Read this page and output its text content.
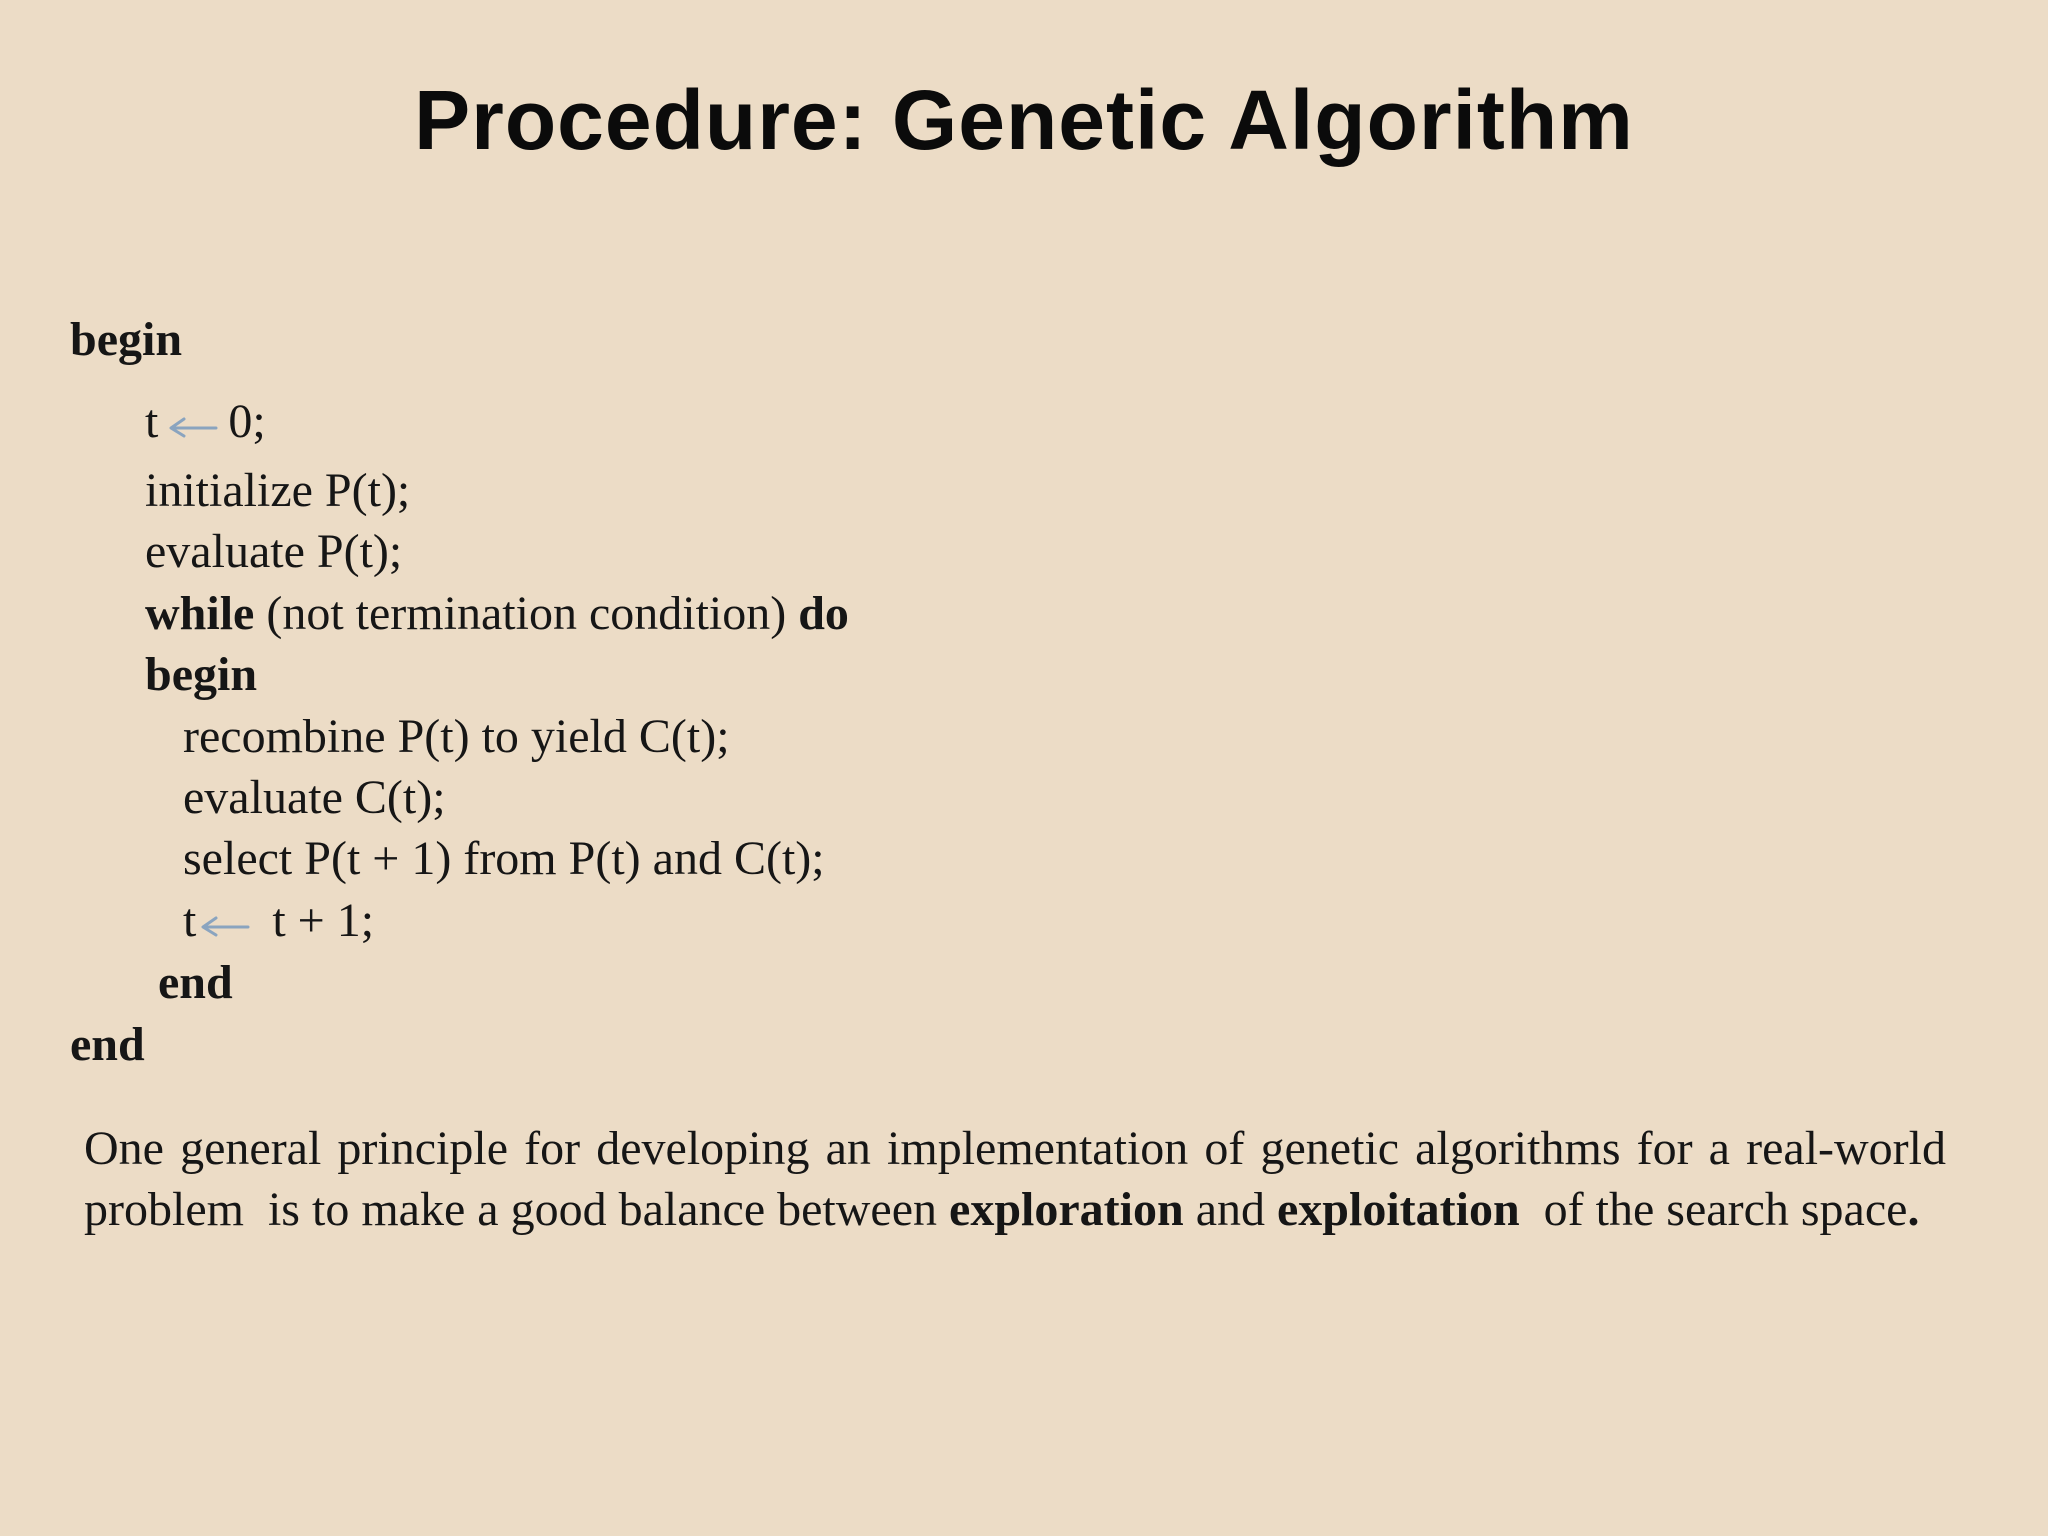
Procedure: Genetic Algorithm
begin
t 0;
initialize P(t);
evaluate P(t);
while (not termination condition) do
begin
recombine P(t) to yield C(t);
evaluate C(t);
select P(t + 1) from P(t) and C(t);
t t + 1;
end
end
One general principle for developing an implementation of genetic algorithms for a real-world problem  is to make a good balance between exploration and exploitation  of the search space.
